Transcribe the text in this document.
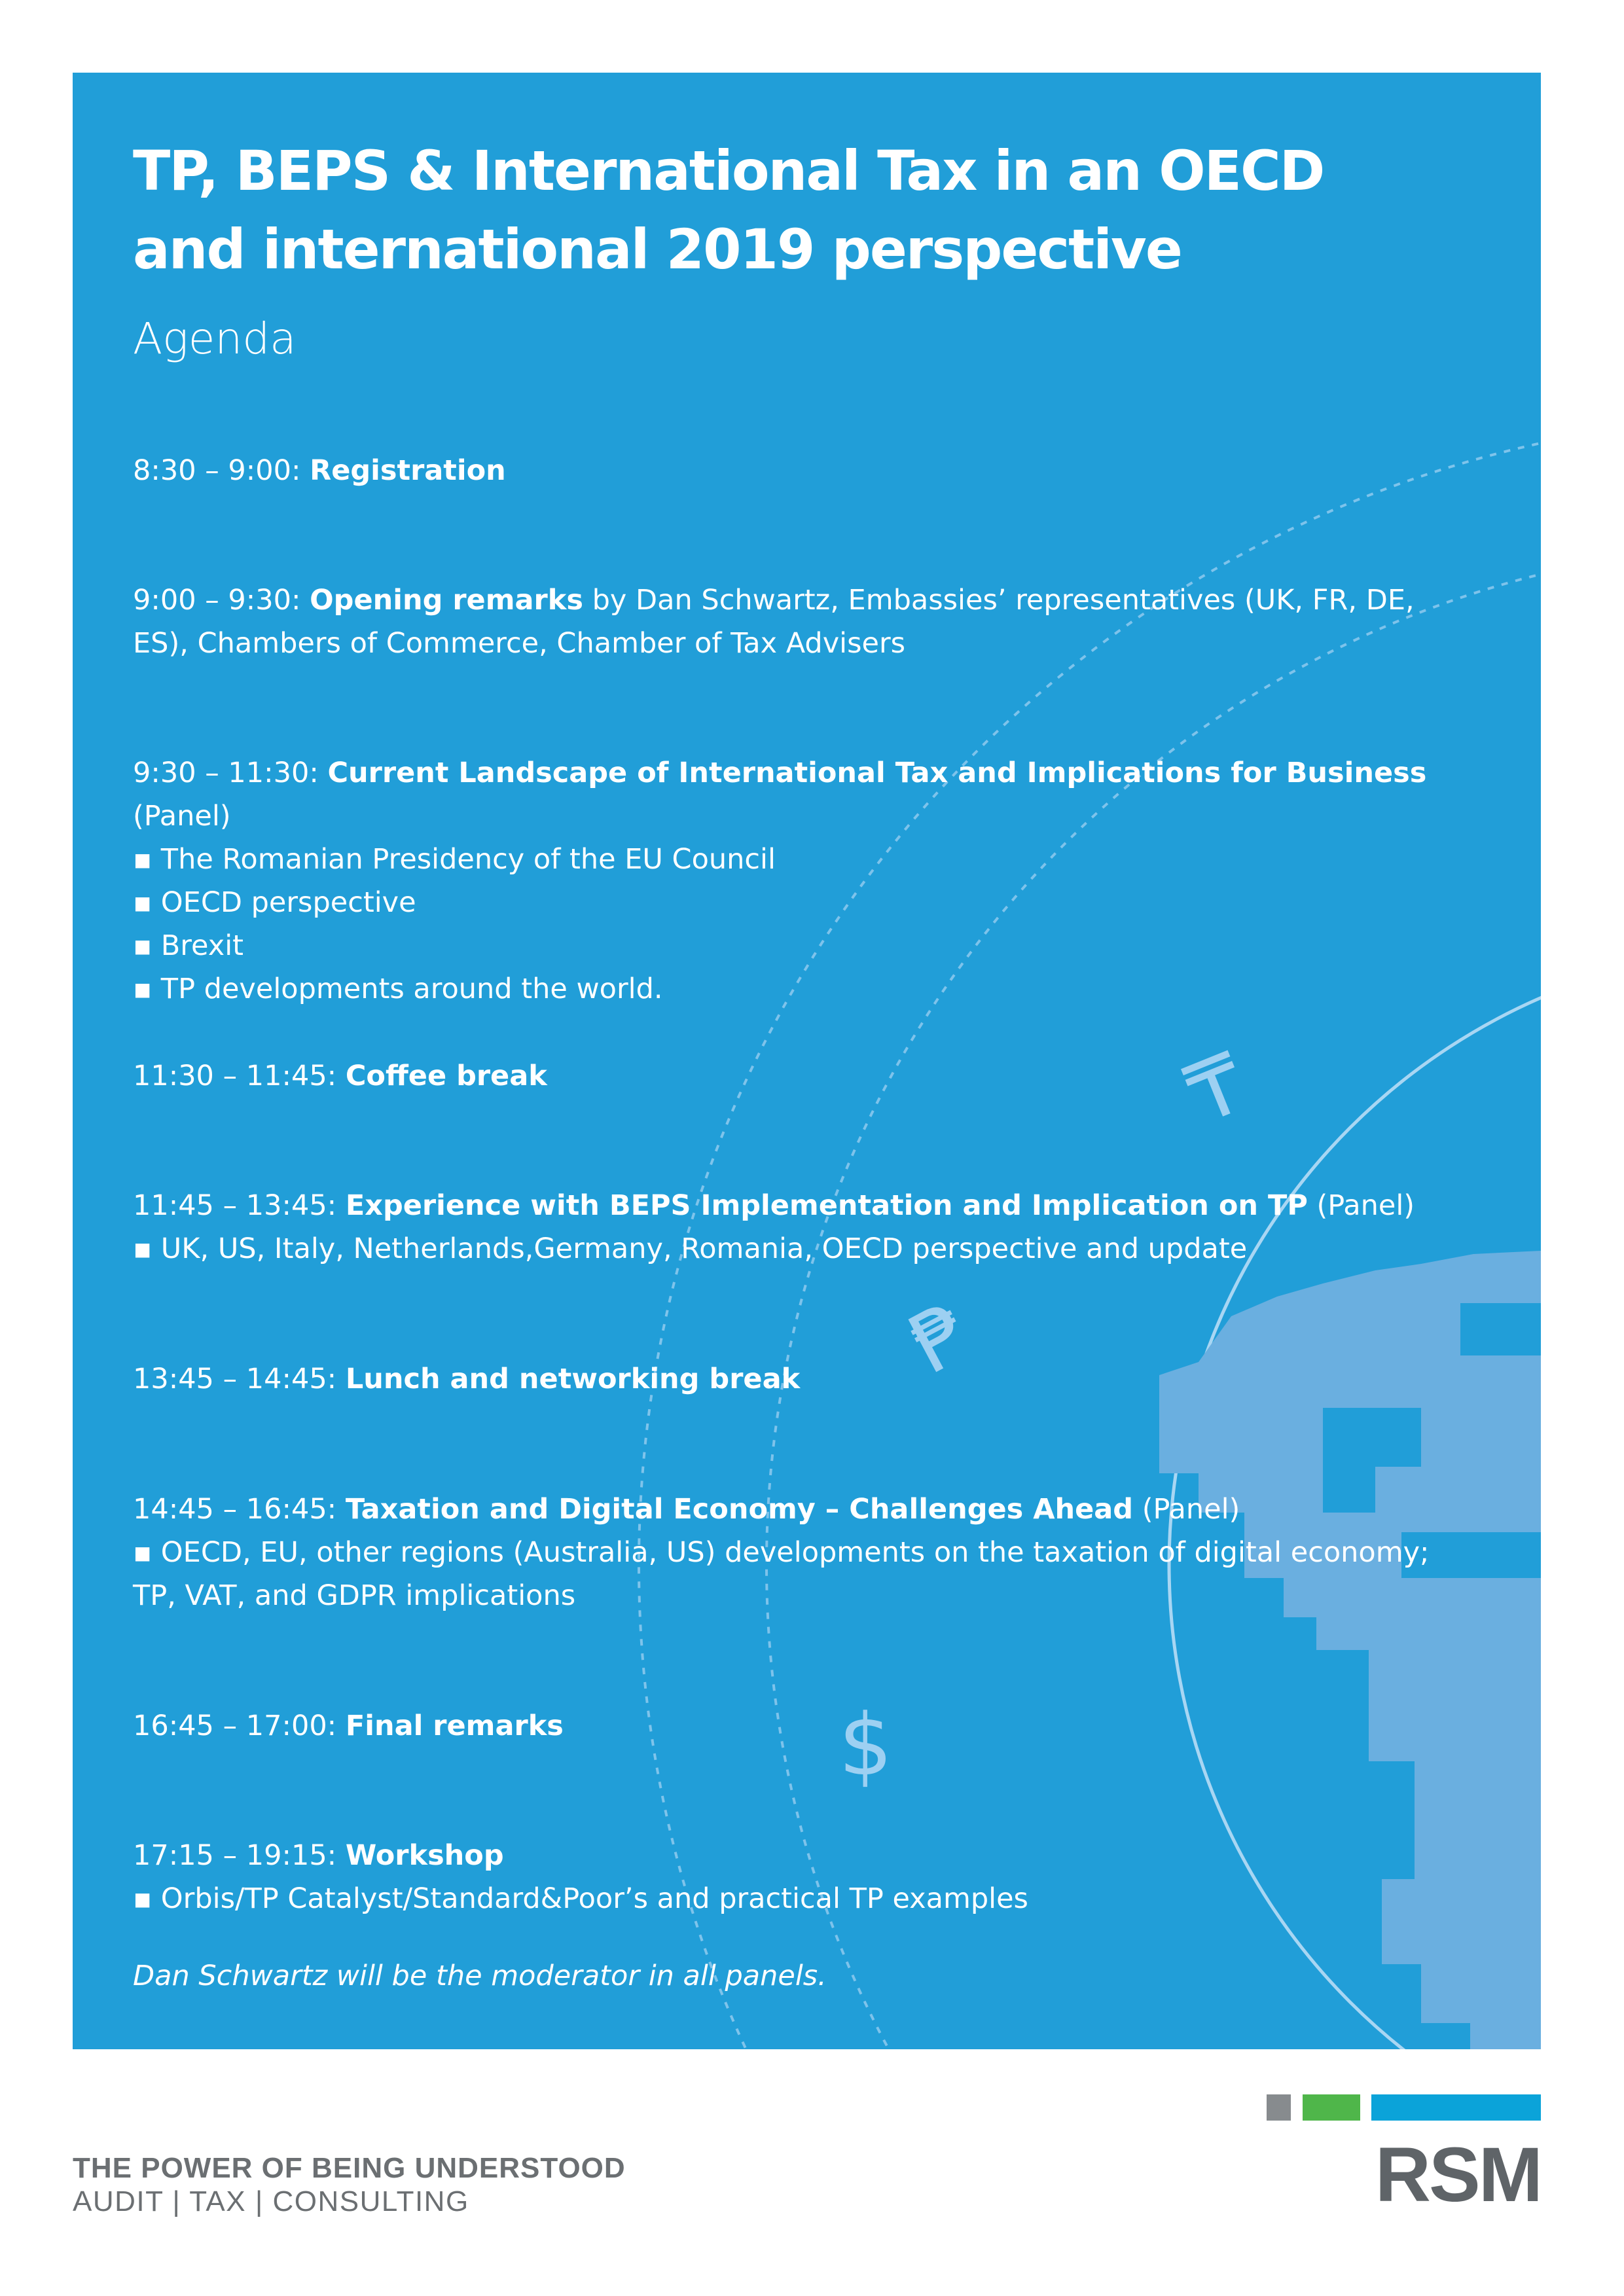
₸
₱
$
TP, BEPS & International Tax in an OECD
and international 2019 perspective
Agenda
8:30 – 9:00: Registration
9:00 – 9:30: Opening remarks by Dan Schwartz, Embassies’ representatives (UK, FR, DE, ES), Chambers of Commerce, Chamber of Tax Advisers
9:30 – 11:30: Current Landscape of International Tax and Implications for Business (Panel)
▪ The Romanian Presidency of the EU Council
▪ OECD perspective
▪ Brexit
▪ TP developments around the world.
11:30 – 11:45: Coffee break
11:45 – 13:45: Experience with BEPS Implementation and Implication on TP (Panel)
▪ UK, US, Italy, Netherlands,Germany, Romania, OECD perspective and update
13:45 – 14:45: Lunch and networking break
14:45 – 16:45: Taxation and Digital Economy – Challenges Ahead (Panel)
▪ OECD, EU, other regions (Australia, US) developments on the taxation of digital economy; TP, VAT, and GDPR implications
16:45 – 17:00: Final remarks
17:15 – 19:15: Workshop
▪ Orbis/TP Catalyst/Standard&Poor’s and practical TP examples
Dan Schwartz will be the moderator in all panels.
THE POWER OF BEING UNDERSTOOD
AUDIT | TAX | CONSULTING	RSM
